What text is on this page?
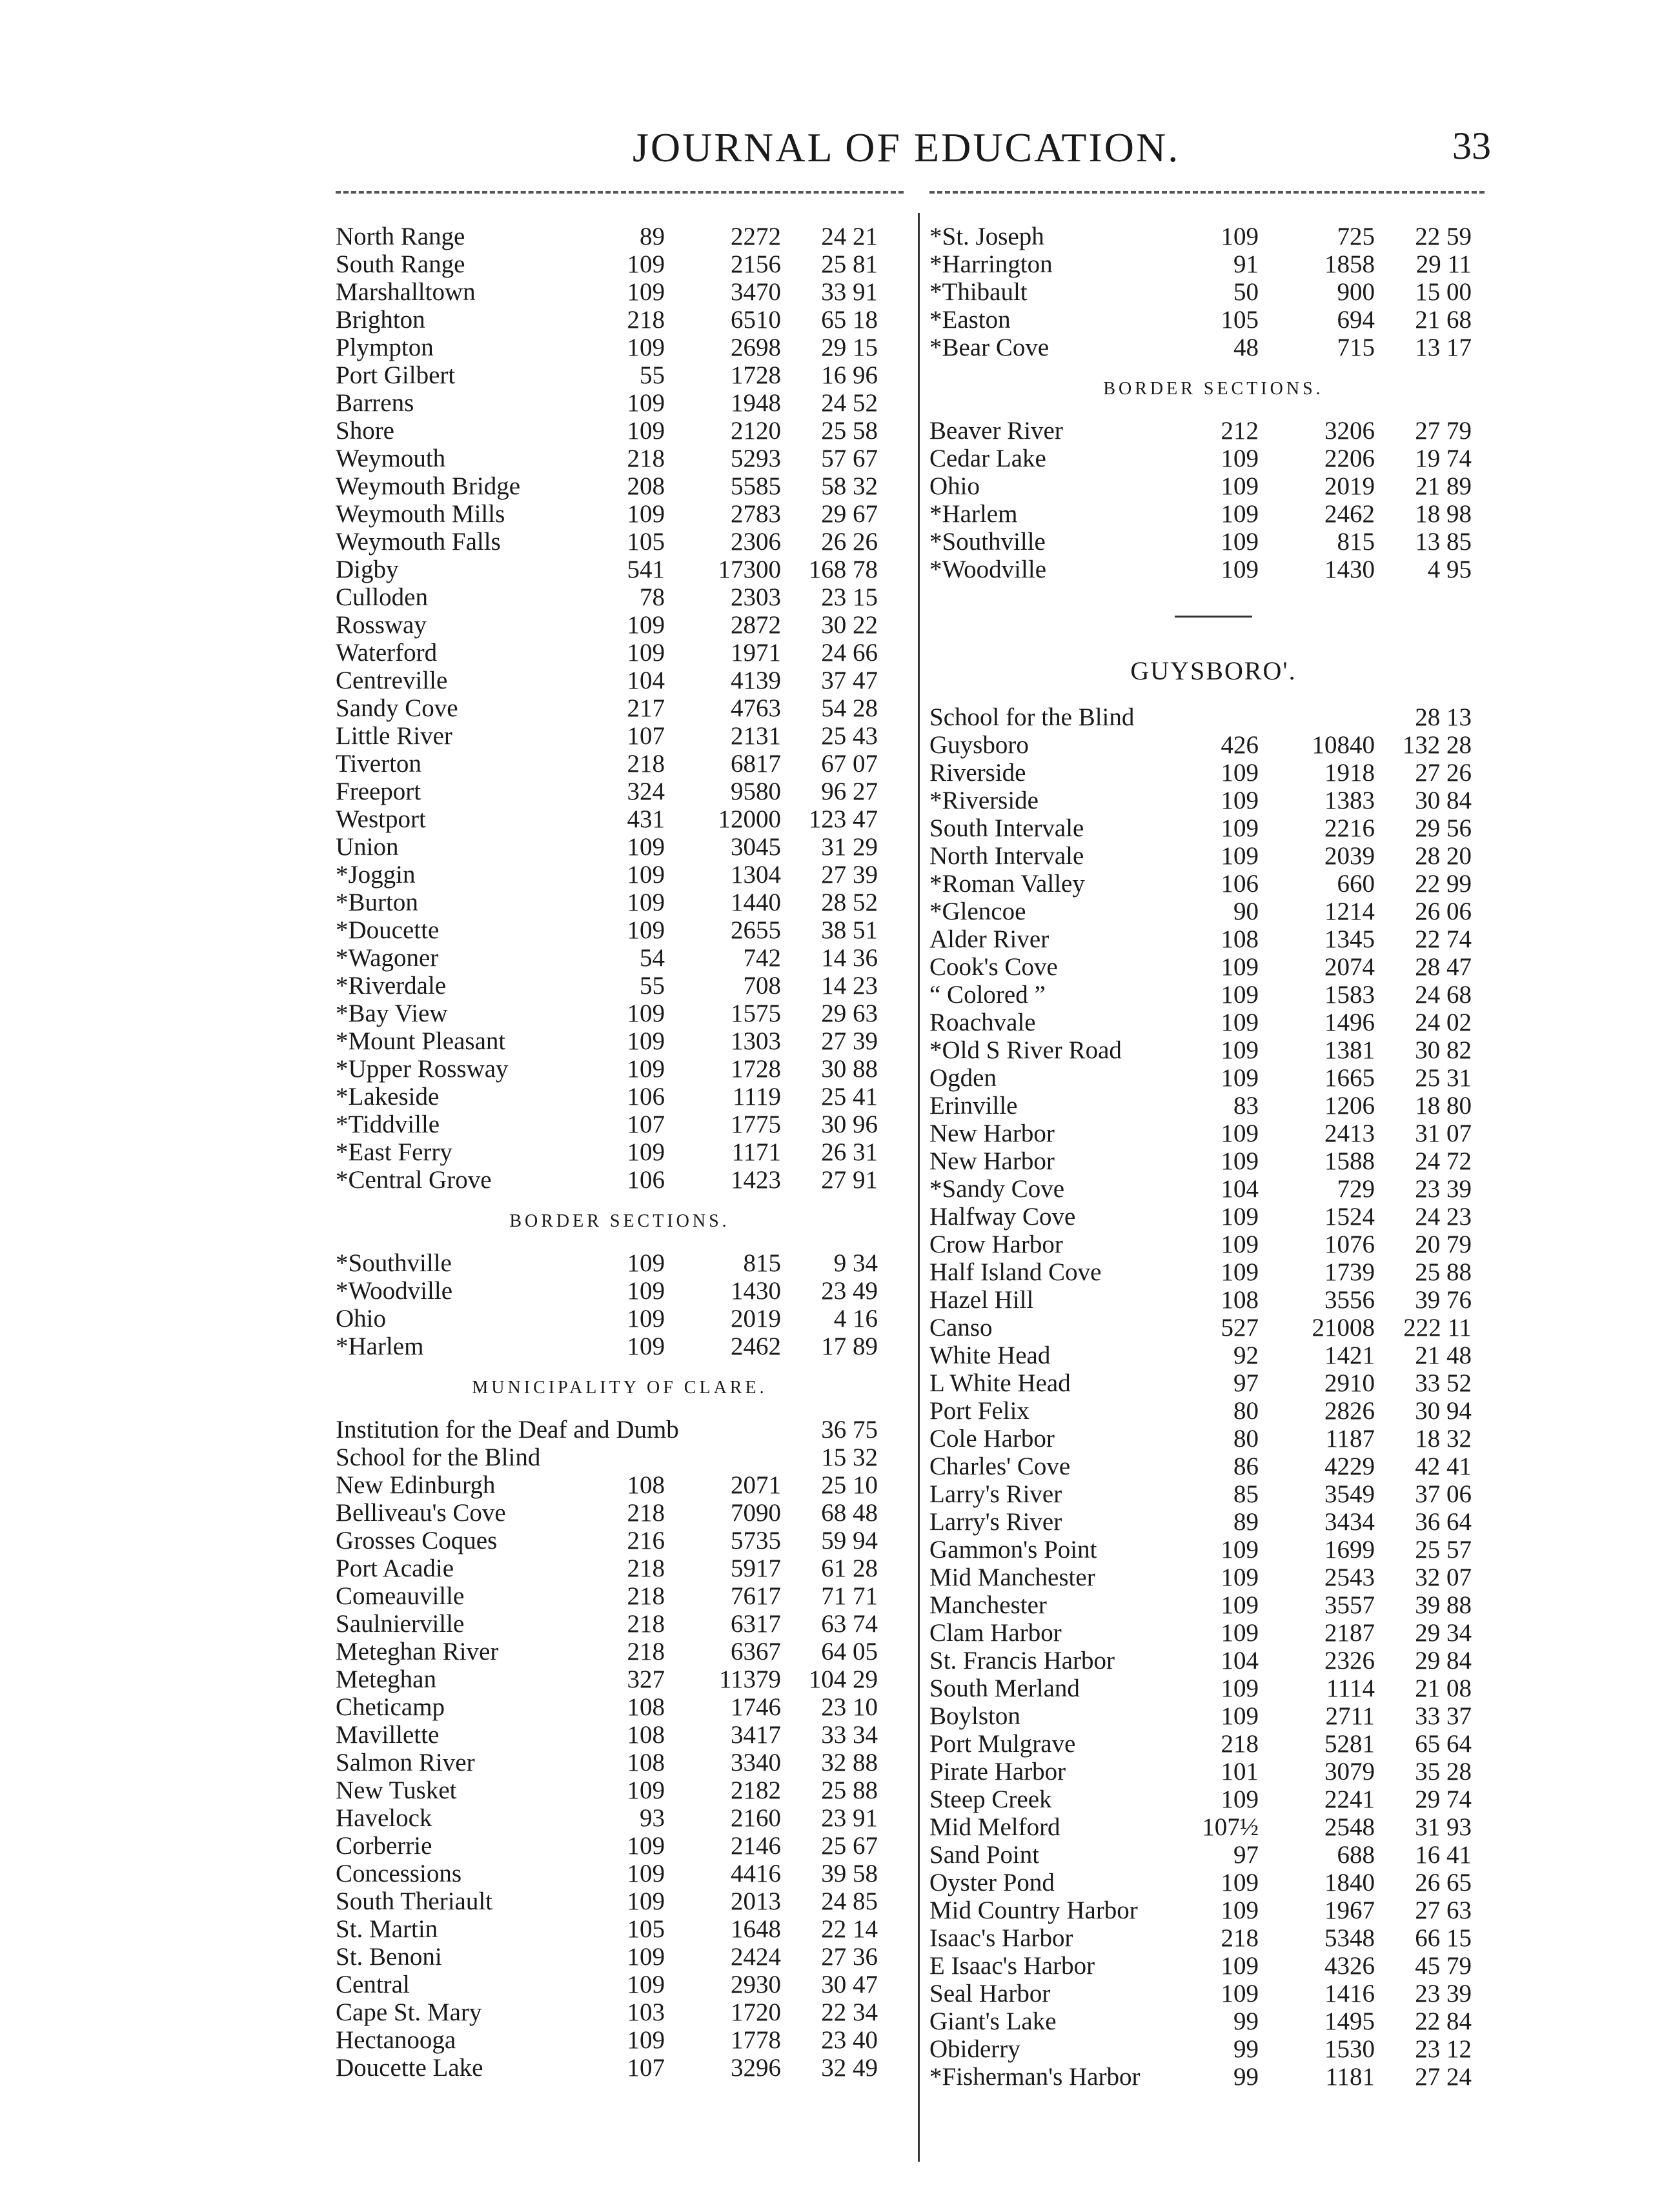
JOURNAL OF EDUCATION.	33
North Range	89	2272	24 21
South Range	109	2156	25 81
Marshalltown	109	3470	33 91
Brighton	218	6510	65 18
Plympton	109	2698	29 15
Port Gilbert	55	1728	16 96
Barrens	109	1948	24 52
Shore	109	2120	25 58
Weymouth	218	5293	57 67
Weymouth Bridge	208	5585	58 32
Weymouth Mills	109	2783	29 67
Weymouth Falls	105	2306	26 26
Digby	541	17300	168 78
Culloden	78	2303	23 15
Rossway	109	2872	30 22
Waterford	109	1971	24 66
Centreville	104	4139	37 47
Sandy Cove	217	4763	54 28
Little River	107	2131	25 43
Tiverton	218	6817	67 07
Freeport	324	9580	96 27
Westport	431	12000	123 47
Union	109	3045	31 29
*Joggin	109	1304	27 39
*Burton	109	1440	28 52
*Doucette	109	2655	38 51
*Wagoner	54	742	14 36
*Riverdale	55	708	14 23
*Bay View	109	1575	29 63
*Mount Pleasant	109	1303	27 39
*Upper Rossway	109	1728	30 88
*Lakeside	106	1119	25 41
*Tiddville	107	1775	30 96
*East Ferry	109	1171	26 31
*Central Grove	106	1423	27 91
BORDER SECTIONS.
*Southville	109	815	9 34
*Woodville	109	1430	23 49
Ohio	109	2019	4 16
*Harlem	109	2462	17 89
MUNICIPALITY OF CLARE.
Institution for the Deaf and Dumb	36 75
School for the Blind	15 32
New Edinburgh	108	2071	25 10
Belliveau's Cove	218	7090	68 48
Grosses Coques	216	5735	59 94
Port Acadie	218	5917	61 28
Comeauville	218	7617	71 71
Saulnierville	218	6317	63 74
Meteghan River	218	6367	64 05
Meteghan	327	11379	104 29
Cheticamp	108	1746	23 10
Mavillette	108	3417	33 34
Salmon River	108	3340	32 88
New Tusket	109	2182	25 88
Havelock	93	2160	23 91
Corberrie	109	2146	25 67
Concessions	109	4416	39 58
South Theriault	109	2013	24 85
St. Martin	105	1648	22 14
St. Benoni	109	2424	27 36
Central	109	2930	30 47
Cape St. Mary	103	1720	22 34
Hectanooga	109	1778	23 40
Doucette Lake	107	3296	32 49
*St. Joseph	109	725	22 59
*Harrington	91	1858	29 11
*Thibault	50	900	15 00
*Easton	105	694	21 68
*Bear Cove	48	715	13 17
BORDER SECTIONS.
Beaver River	212	3206	27 79
Cedar Lake	109	2206	19 74
Ohio	109	2019	21 89
*Harlem	109	2462	18 98
*Southville	109	815	13 85
*Woodville	109	1430	4 95
GUYSBORO'.
School for the Blind	28 13
Guysboro	426	10840	132 28
Riverside	109	1918	27 26
*Riverside	109	1383	30 84
South Intervale	109	2216	29 56
North Intervale	109	2039	28 20
*Roman Valley	106	660	22 99
*Glencoe	90	1214	26 06
Alder River	108	1345	22 74
Cook's Cove	109	2074	28 47
“ Colored ”	109	1583	24 68
Roachvale	109	1496	24 02
*Old S River Road	109	1381	30 82
Ogden	109	1665	25 31
Erinville	83	1206	18 80
New Harbor	109	2413	31 07
New Harbor	109	1588	24 72
*Sandy Cove	104	729	23 39
Halfway Cove	109	1524	24 23
Crow Harbor	109	1076	20 79
Half Island Cove	109	1739	25 88
Hazel Hill	108	3556	39 76
Canso	527	21008	222 11
White Head	92	1421	21 48
L White Head	97	2910	33 52
Port Felix	80	2826	30 94
Cole Harbor	80	1187	18 32
Charles' Cove	86	4229	42 41
Larry's River	85	3549	37 06
Larry's River	89	3434	36 64
Gammon's Point	109	1699	25 57
Mid Manchester	109	2543	32 07
Manchester	109	3557	39 88
Clam Harbor	109	2187	29 34
St. Francis Harbor	104	2326	29 84
South Merland	109	1114	21 08
Boylston	109	2711	33 37
Port Mulgrave	218	5281	65 64
Pirate Harbor	101	3079	35 28
Steep Creek	109	2241	29 74
Mid Melford	107½	2548	31 93
Sand Point	97	688	16 41
Oyster Pond	109	1840	26 65
Mid Country Harbor	109	1967	27 63
Isaac's Harbor	218	5348	66 15
E Isaac's Harbor	109	4326	45 79
Seal Harbor	109	1416	23 39
Giant's Lake	99	1495	22 84
Obiderry	99	1530	23 12
*Fisherman's Harbor	99	1181	27 24
